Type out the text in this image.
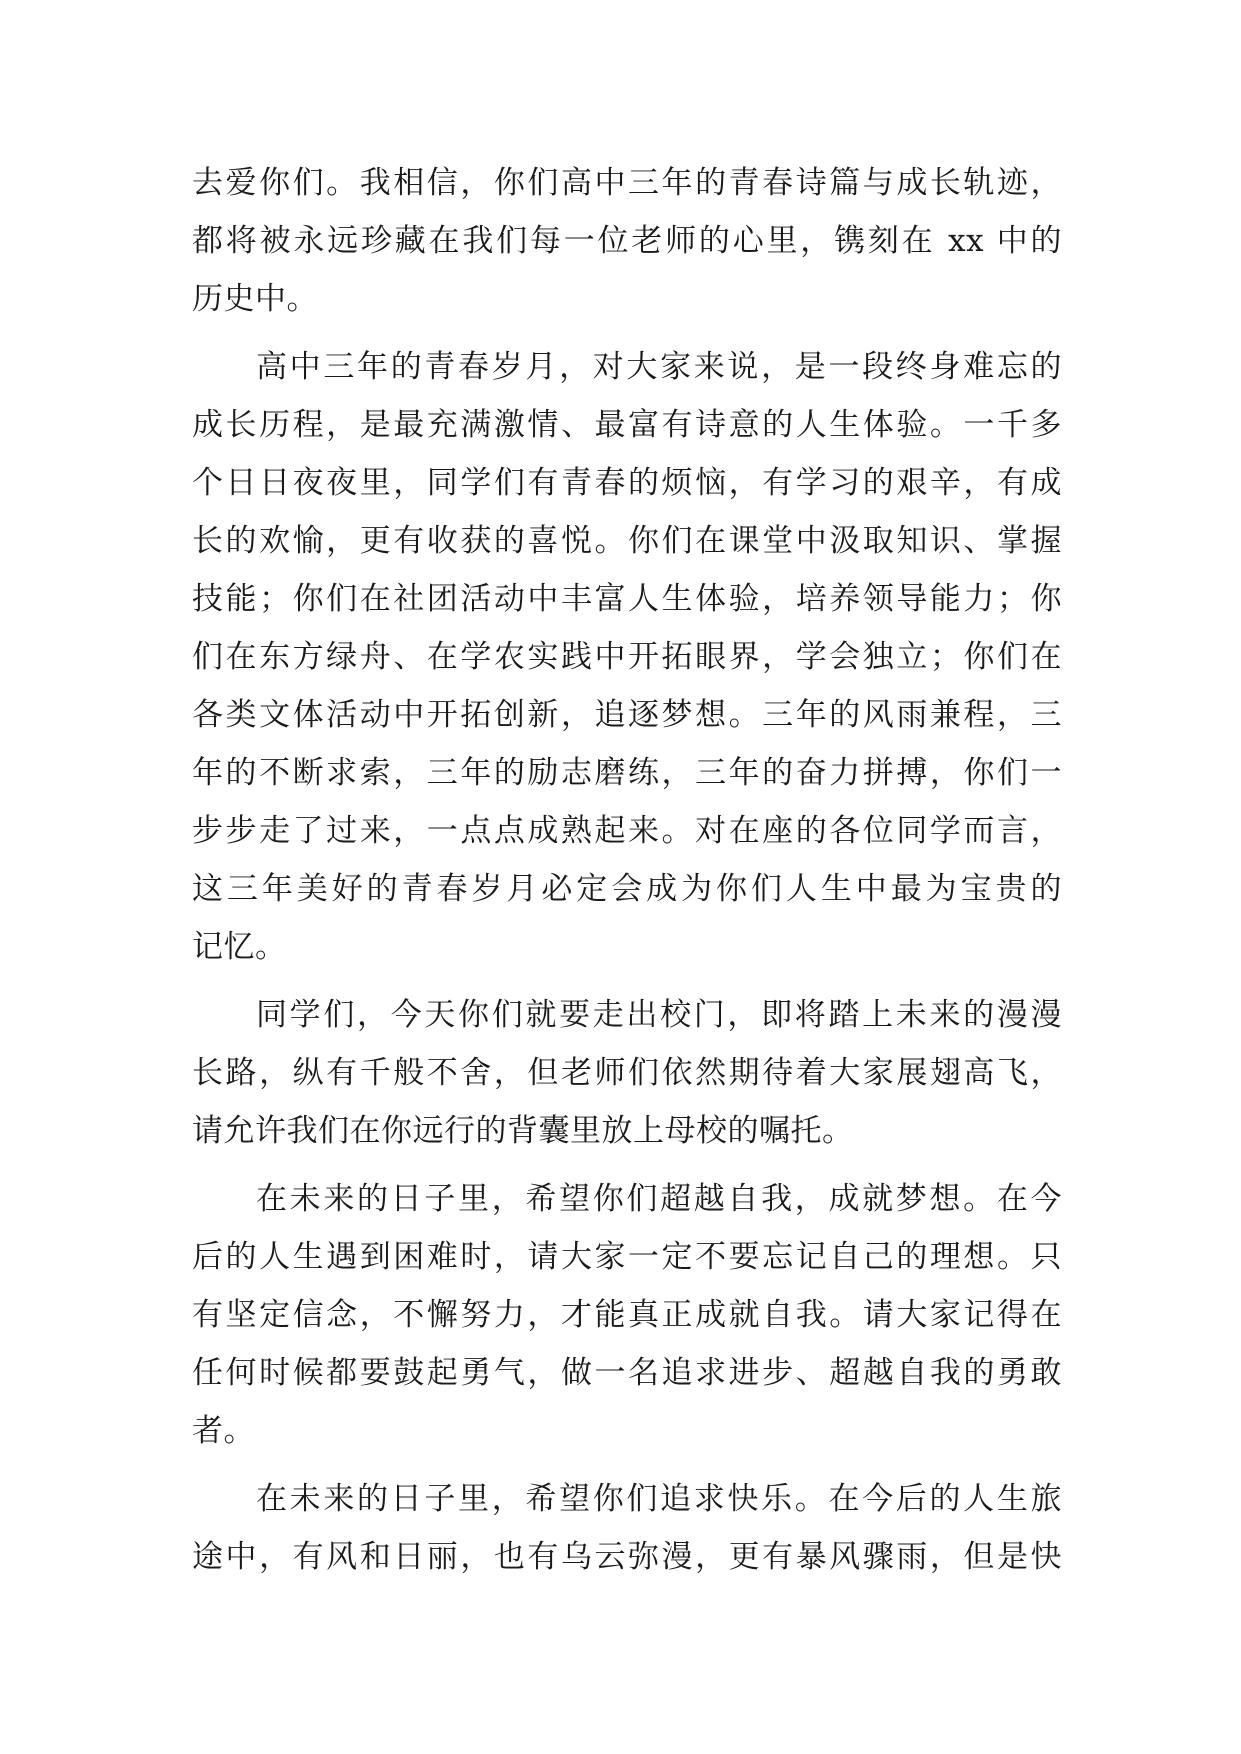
去爱你们。我相信，你们高中三年的青春诗篇与成长轨迹，
都将被永远珍藏在我们每一位老师的心里，镌刻在 xx 中的
历史中。

高中三年的青春岁月，对大家来说，是一段终身难忘的
成长历程，是最充满激情、最富有诗意的人生体验。一千多
个日日夜夜里，同学们有青春的烦恼，有学习的艰辛，有成
长的欢愉，更有收获的喜悦。你们在课堂中汲取知识、掌握
技能；你们在社团活动中丰富人生体验，培养领导能力；你
们在东方绿舟、在学农实践中开拓眼界，学会独立；你们在
各类文体活动中开拓创新，追逐梦想。三年的风雨兼程，三
年的不断求索，三年的励志磨练，三年的奋力拼搏，你们一
步步走了过来，一点点成熟起来。对在座的各位同学而言，
这三年美好的青春岁月必定会成为你们人生中最为宝贵的
记忆。

同学们，今天你们就要走出校门，即将踏上未来的漫漫
长路，纵有千般不舍，但老师们依然期待着大家展翅高飞，
请允许我们在你远行的背囊里放上母校的嘱托。

在未来的日子里，希望你们超越自我，成就梦想。在今
后的人生遇到困难时，请大家一定不要忘记自己的理想。只
有坚定信念，不懈努力，才能真正成就自我。请大家记得在
任何时候都要鼓起勇气，做一名追求进步、超越自我的勇敢
者。

在未来的日子里，希望你们追求快乐。在今后的人生旅
途中，有风和日丽，也有乌云弥漫，更有暴风骤雨，但是快
